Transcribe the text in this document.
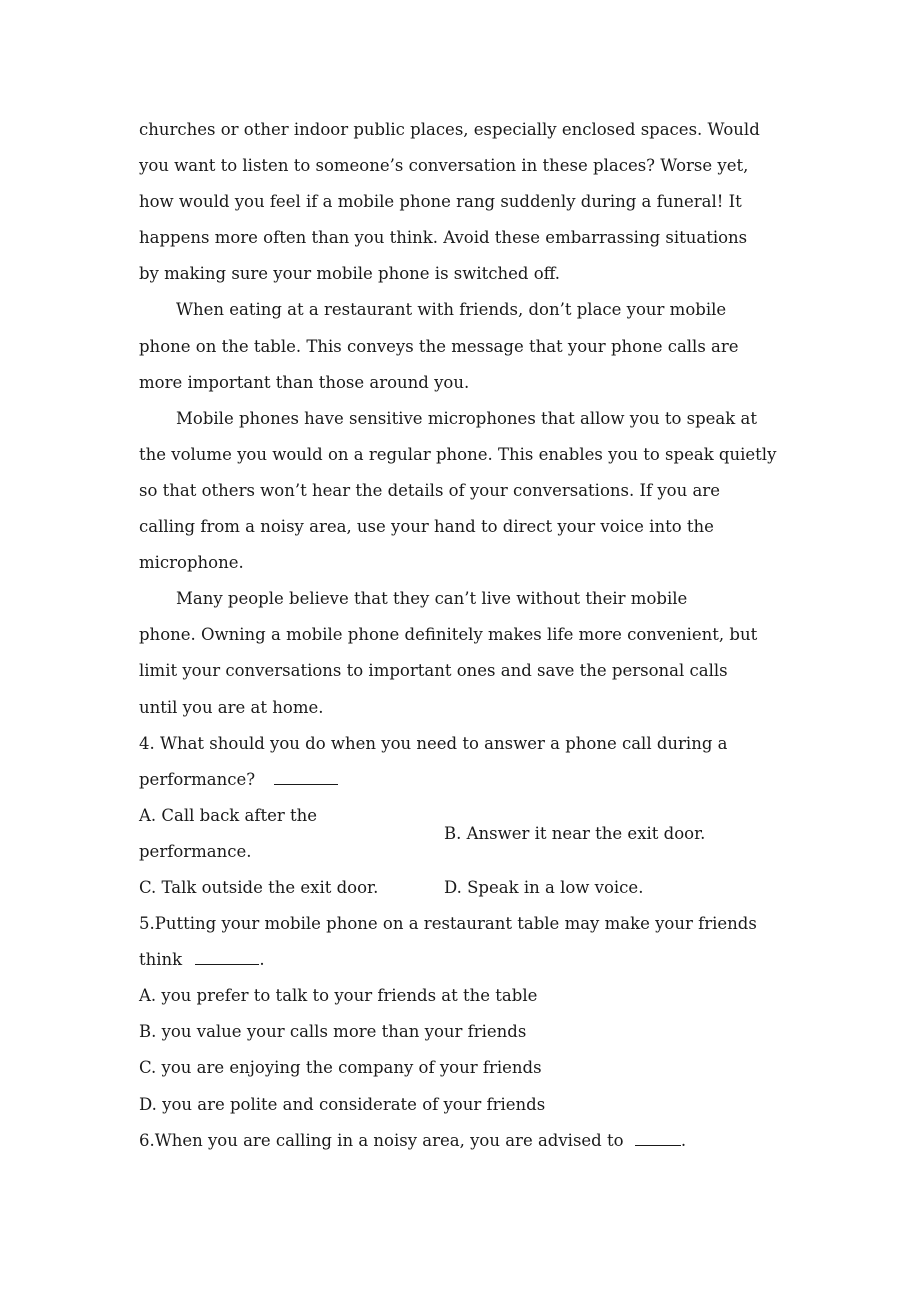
churches or other indoor public places, especially enclosed spaces. Would
you want to listen to someone’s conversation in these places? Worse yet,
how would you feel if a mobile phone rang suddenly during a funeral! It
happens more often than you think. Avoid these embarrassing situations
by making sure your mobile phone is switched off.
When eating at a restaurant with friends, don’t place your mobile
phone on the table. This conveys the message that your phone calls are
more important than those around you.
Mobile phones have sensitive microphones that allow you to speak at
the volume you would on a regular phone. This enables you to speak quietly
so that others won’t hear the details of your conversations. If you are
calling from a noisy area, use your hand to direct your voice into the
microphone.
Many people believe that they can’t live without their mobile
phone. Owning a mobile phone definitely makes life more convenient, but
limit your conversations to important ones and save the personal calls
until you are at home.
4. What should you do when you need to answer a phone call during a
performance?
A. Call back after the
performance.
B. Answer it near the exit door.
C. Talk outside the exit door.	D. Speak in a low voice.
5.Putting your mobile phone on a restaurant table may make your friends
think	.
A. you prefer to talk to your friends at the table
B. you value your calls more than your friends
C. you are enjoying the company of your friends
D. you are polite and considerate of your friends
6.When you are calling in a noisy area, you are advised to	.
